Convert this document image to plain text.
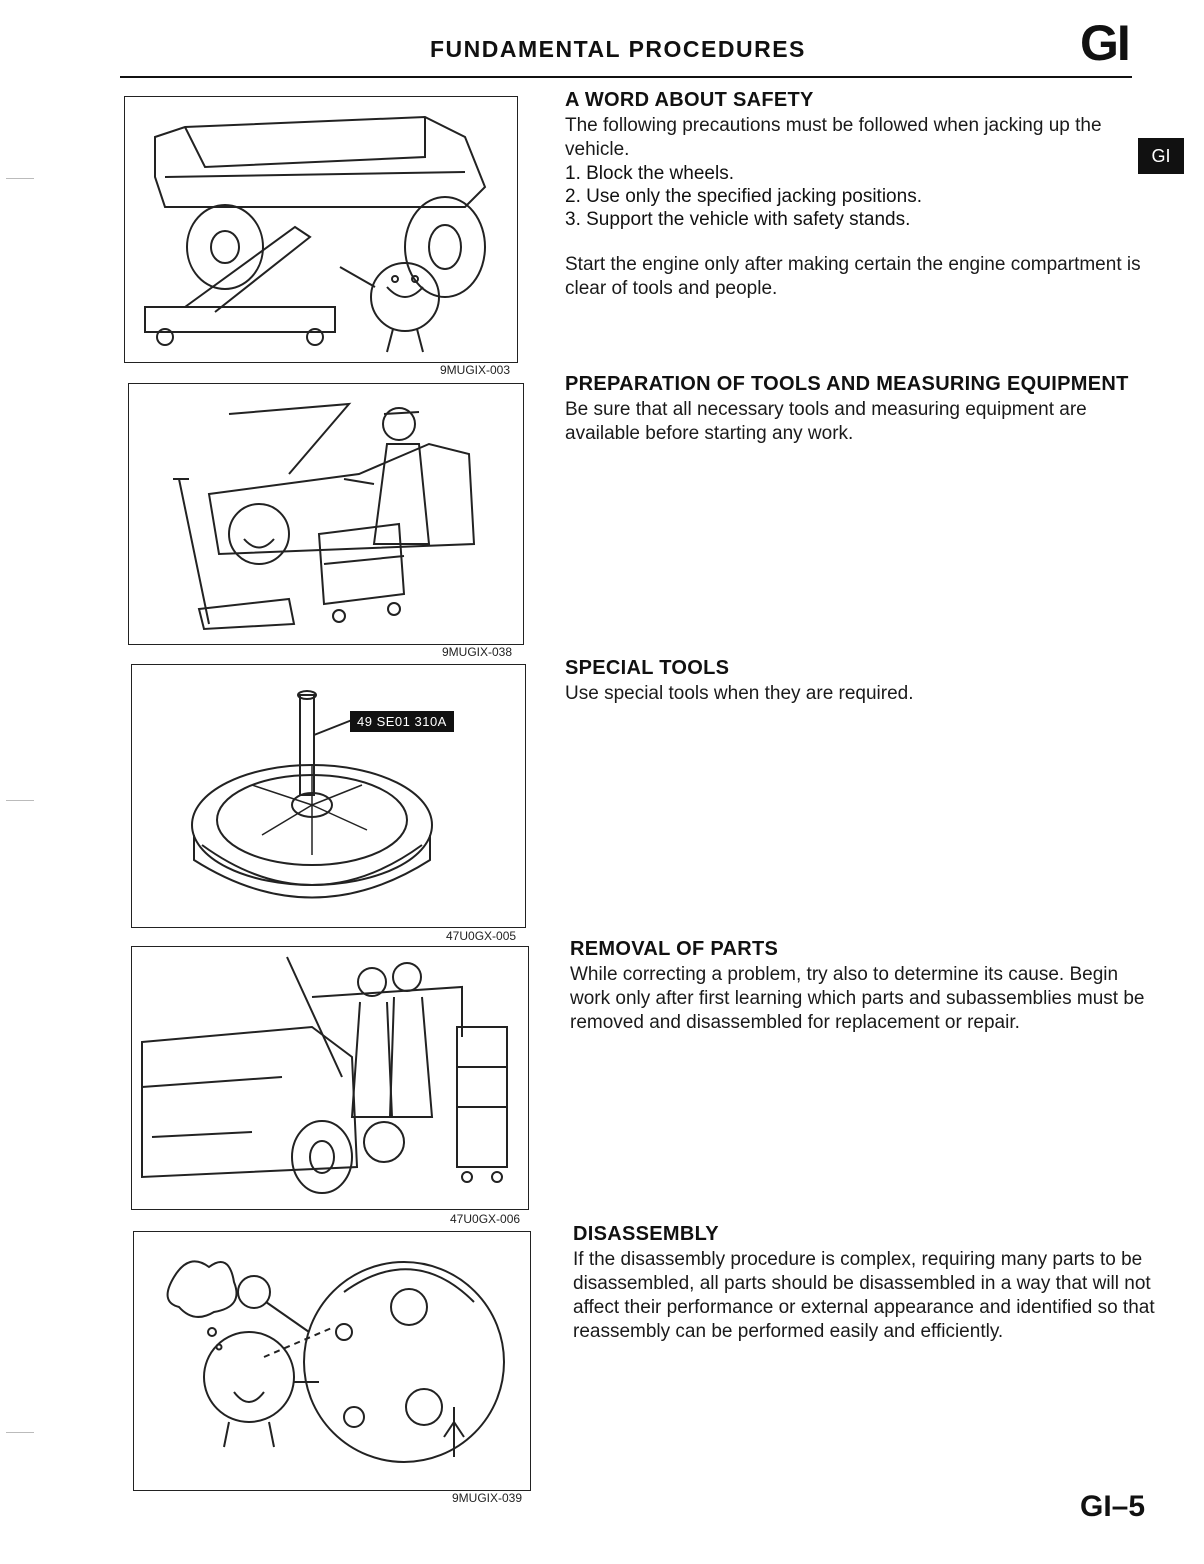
FUNDAMENTAL PROCEDURES	GI
GI
9MUGIX-003
9MUGIX-038
49 SE01 310A
47U0GX-005
47U0GX-006
9MUGIX-039
A WORD ABOUT SAFETY

The following precautions must be followed when jacking up the vehicle.

1. Block the wheels.
2. Use only the specified jacking positions.
3. Support the vehicle with safety stands.

Start the engine only after making certain the engine compartment is clear of tools and people.

PREPARATION OF TOOLS AND MEASURING EQUIPMENT

Be sure that all necessary tools and measuring equipment are available before starting any work.

SPECIAL TOOLS

Use special tools when they are required.

REMOVAL OF PARTS

While correcting a problem, try also to determine its cause. Begin work only after first learning which parts and subassemblies must be removed and disassembled for replacement or repair.

DISASSEMBLY

If the disassembly procedure is complex, requiring many parts to be disassembled, all parts should be disassembled in a way that will not affect their performance or external appearance and identified so that reassembly can be performed easily and efficiently.

GI–5
